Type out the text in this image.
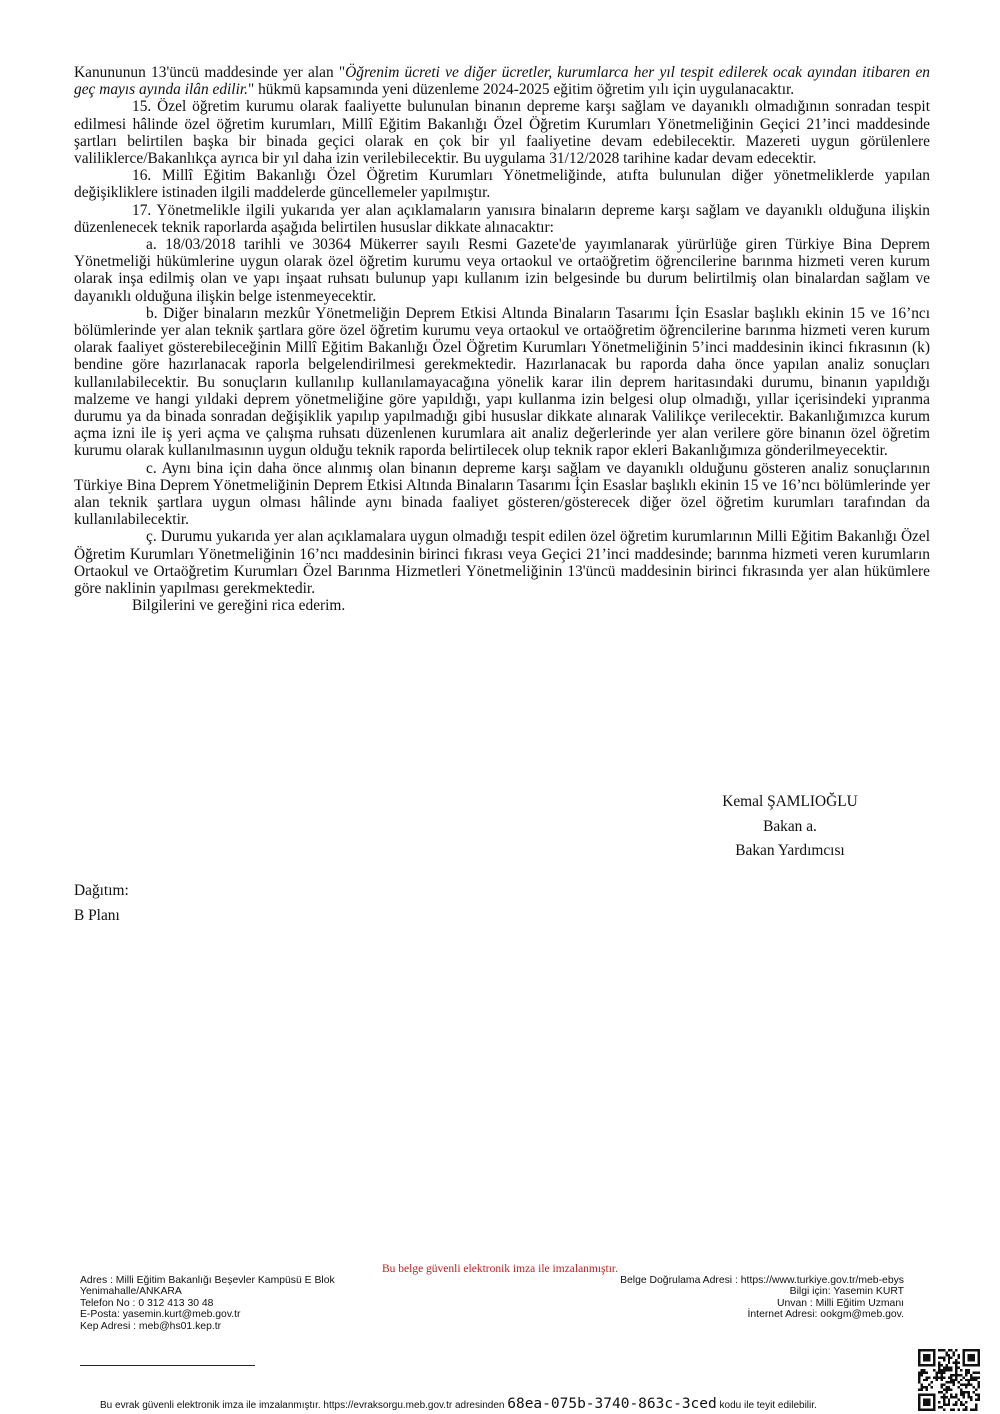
Kanununun 13'üncü maddesinde yer alan "Öğrenim ücreti ve diğer ücretler, kurumlarca her yıl tespit edilerek ocak ayından itibaren en geç mayıs ayında ilân edilir." hükmü kapsamında yeni düzenleme 2024-2025 eğitim öğretim yılı için uygulanacaktır.

15. Özel öğretim kurumu olarak faaliyette bulunulan binanın depreme karşı sağlam ve dayanıklı olmadığının sonradan tespit edilmesi hâlinde özel öğretim kurumları, Millî Eğitim Bakanlığı Özel Öğretim Kurumları Yönetmeliğinin Geçici 21’inci maddesinde şartları belirtilen başka bir binada geçici olarak en çok bir yıl faaliyetine devam edebilecektir. Mazereti uygun görülenlere valiliklerce/Bakanlıkça ayrıca bir yıl daha izin verilebilecektir. Bu uygulama 31/12/2028 tarihine kadar devam edecektir.

16. Millî Eğitim Bakanlığı Özel Öğretim Kurumları Yönetmeliğinde, atıfta bulunulan diğer yönetmeliklerde yapılan değişikliklere istinaden ilgili maddelerde güncellemeler yapılmıştır.

17. Yönetmelikle ilgili yukarıda yer alan açıklamaların yanısıra binaların depreme karşı sağlam ve dayanıklı olduğuna ilişkin düzenlenecek teknik raporlarda aşağıda belirtilen hususlar dikkate alınacaktır:

a. 18/03/2018 tarihli ve 30364 Mükerrer sayılı Resmi Gazete'de yayımlanarak yürürlüğe giren Türkiye Bina Deprem Yönetmeliği hükümlerine uygun olarak özel öğretim kurumu veya ortaokul ve ortaöğretim öğrencilerine barınma hizmeti veren kurum olarak inşa edilmiş olan ve yapı inşaat ruhsatı bulunup yapı kullanım izin belgesinde bu durum belirtilmiş olan binalardan sağlam ve dayanıklı olduğuna ilişkin belge istenmeyecektir.

b. Diğer binaların mezkûr Yönetmeliğin Deprem Etkisi Altında Binaların Tasarımı İçin Esaslar başlıklı ekinin 15 ve 16’ncı bölümlerinde yer alan teknik şartlara göre özel öğretim kurumu veya ortaokul ve ortaöğretim öğrencilerine barınma hizmeti veren kurum olarak faaliyet gösterebileceğinin Millî Eğitim Bakanlığı Özel Öğretim Kurumları Yönetmeliğinin 5’inci maddesinin ikinci fıkrasının (k) bendine göre hazırlanacak raporla belgelendirilmesi gerekmektedir. Hazırlanacak bu raporda daha önce yapılan analiz sonuçları kullanılabilecektir. Bu sonuçların kullanılıp kullanılamayacağına yönelik karar ilin deprem haritasındaki durumu, binanın yapıldığı malzeme ve hangi yıldaki deprem yönetmeliğine göre yapıldığı, yapı kullanma izin belgesi olup olmadığı, yıllar içerisindeki yıpranma durumu ya da binada sonradan değişiklik yapılıp yapılmadığı gibi hususlar dikkate alınarak Valilikçe verilecektir. Bakanlığımızca kurum açma izni ile iş yeri açma ve çalışma ruhsatı düzenlenen kurumlara ait analiz değerlerinde yer alan verilere göre binanın özel öğretim kurumu olarak kullanılmasının uygun olduğu teknik raporda belirtilecek olup teknik rapor ekleri Bakanlığımıza gönderilmeyecektir.

c. Aynı bina için daha önce alınmış olan binanın depreme karşı sağlam ve dayanıklı olduğunu gösteren analiz sonuçlarının Türkiye Bina Deprem Yönetmeliğinin Deprem Etkisi Altında Binaların Tasarımı İçin Esaslar başlıklı ekinin 15 ve 16’ncı bölümlerinde yer alan teknik şartlara uygun olması hâlinde aynı binada faaliyet gösteren/gösterecek diğer özel öğretim kurumları tarafından da kullanılabilecektir.

ç. Durumu yukarıda yer alan açıklamalara uygun olmadığı tespit edilen özel öğretim kurumlarının Milli Eğitim Bakanlığı Özel Öğretim Kurumları Yönetmeliğinin 16’ncı maddesinin birinci fıkrası veya Geçici 21’inci maddesinde; barınma hizmeti veren kurumların Ortaokul ve Ortaöğretim Kurumları Özel Barınma Hizmetleri Yönetmeliğinin 13'üncü maddesinin birinci fıkrasında yer alan hükümlere göre naklinin yapılması gerekmektedir.

Bilgilerini ve gereğini rica ederim.

Kemal ŞAMLIOĞLU
Bakan a.
Bakan Yardımcısı
Dağıtım:
B Planı
Bu belge güvenli elektronik imza ile imzalanmıştır.
Adres : Milli Eğitim Bakanlığı Beşevler Kampüsü E Blok
Yenimahalle/ANKARA
Telefon No : 0 312 413 30 48
E-Posta: yasemin.kurt@meb.gov.tr
Kep Adresi : meb@hs01.kep.tr
Belge Doğrulama Adresi : https://www.turkiye.gov.tr/meb-ebys
Bilgi için: Yasemin KURT
Unvan : Milli Eğitim Uzmanı
İnternet Adresi: ookgm@meb.gov.
Bu evrak güvenli elektronik imza ile imzalanmıştır. https://evraksorgu.meb.gov.tr adresinden 68ea-075b-3740-863c-3ced kodu ile teyit edilebilir.
